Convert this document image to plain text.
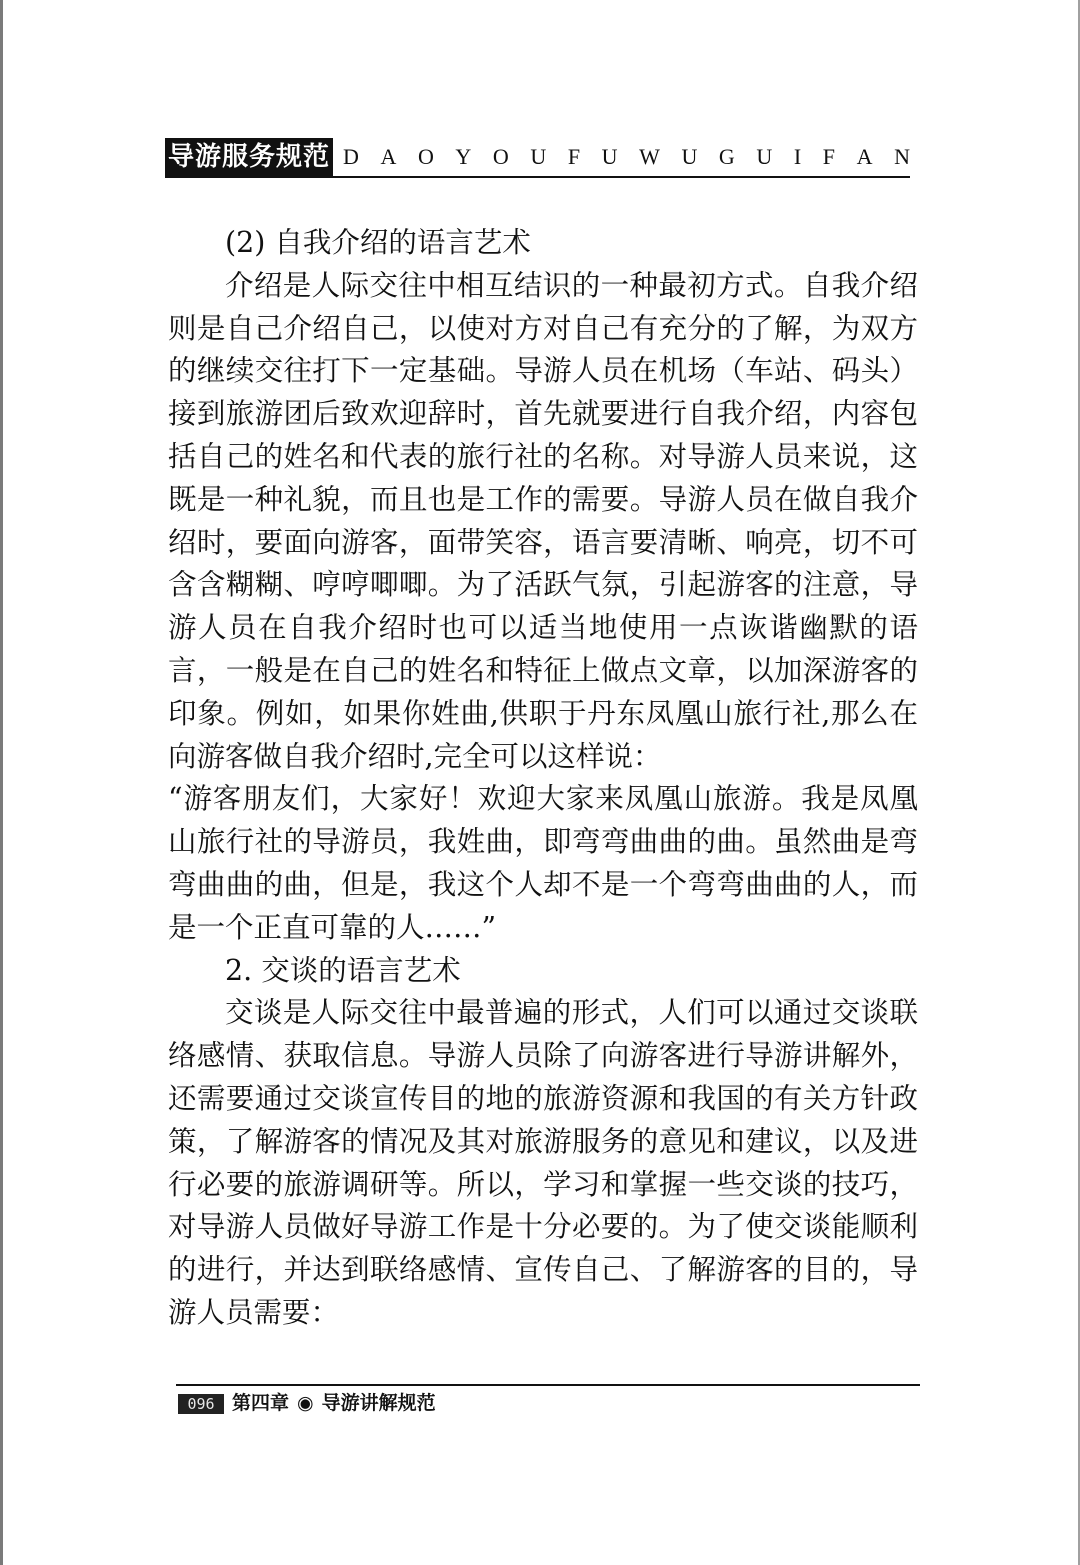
导游服务规范 D A O Y O U F U W U G U I F A N

(2) 自我介绍的语言艺术

介绍是人际交往中相互结识的一种最初方式。自我介绍则是自己介绍自己，以使对方对自己有充分的了解，为双方的继续交往打下一定基础。导游人员在机场（车站、码头）接到旅游团后致欢迎辞时，首先就要进行自我介绍，内容包括自己的姓名和代表的旅行社的名称。对导游人员来说，这既是一种礼貌，而且也是工作的需要。导游人员在做自我介绍时，要面向游客，面带笑容，语言要清晰、响亮，切不可含含糊糊、哼哼唧唧。为了活跃气氛，引起游客的注意，导游人员在自我介绍时也可以适当地使用一点诙谐幽默的语言，一般是在自己的姓名和特征上做点文章，以加深游客的印象。例如，如果你姓曲,供职于丹东凤凰山旅行社,那么在向游客做自我介绍时,完全可以这样说：

“游客朋友们，大家好！欢迎大家来凤凰山旅游。我是凤凰山旅行社的导游员，我姓曲，即弯弯曲曲的曲。虽然曲是弯弯曲曲的曲，但是，我这个人却不是一个弯弯曲曲的人，而是一个正直可靠的人……”

2. 交谈的语言艺术

交谈是人际交往中最普遍的形式，人们可以通过交谈联络感情、获取信息。导游人员除了向游客进行导游讲解外，还需要通过交谈宣传目的地的旅游资源和我国的有关方针政策，了解游客的情况及其对旅游服务的意见和建议，以及进行必要的旅游调研等。所以，学习和掌握一些交谈的技巧，对导游人员做好导游工作是十分必要的。为了使交谈能顺利的进行，并达到联络感情、宣传自己、了解游客的目的，导游人员需要：

096 第四章 ◉ 导游讲解规范
